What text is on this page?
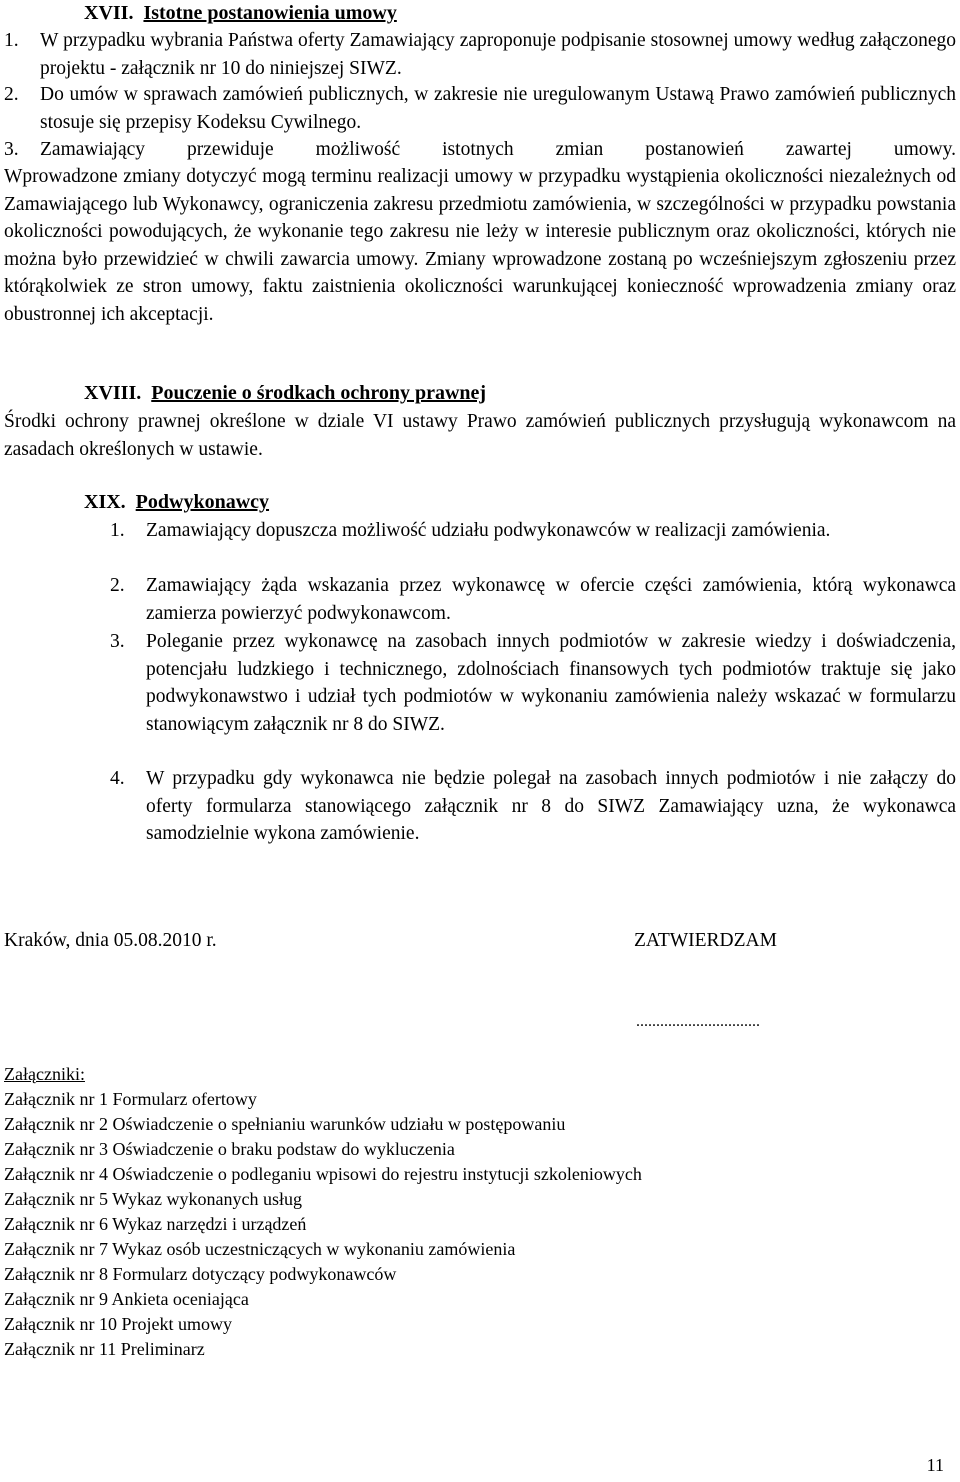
XVII. Istotne postanowienia umowy
1. W przypadku wybrania Państwa oferty Zamawiający zaproponuje podpisanie stosownej umowy według załączonego projektu - załącznik nr 10 do niniejszej SIWZ.
2. Do umów w sprawach zamówień publicznych, w zakresie nie uregulowanym Ustawą Prawo zamówień publicznych stosuje się przepisy Kodeksu Cywilnego.
3. Zamawiający przewiduje możliwość istotnych zmian postanowień zawartej umowy.
Wprowadzone zmiany dotyczyć mogą terminu realizacji umowy w przypadku wystąpienia okoliczności niezależnych od Zamawiającego lub Wykonawcy, ograniczenia zakresu przedmiotu zamówienia, w szczególności w przypadku powstania okoliczności powodujących, że wykonanie tego zakresu nie leży w interesie publicznym oraz okoliczności, których nie można było przewidzieć w chwili zawarcia umowy. Zmiany wprowadzone zostaną po wcześniejszym zgłoszeniu przez którąkolwiek ze stron umowy, faktu zaistnienia okoliczności warunkującej konieczność wprowadzenia zmiany oraz obustronnej ich akceptacji.
XVIII. Pouczenie o środkach ochrony prawnej
Środki ochrony prawnej określone w dziale VI ustawy Prawo zamówień publicznych przysługują wykonawcom na zasadach określonych w ustawie.
XIX. Podwykonawcy
1. Zamawiający dopuszcza możliwość udziału podwykonawców w realizacji zamówienia.
2. Zamawiający żąda wskazania przez wykonawcę w ofercie części zamówienia, którą wykonawca zamierza powierzyć podwykonawcom.
3. Poleganie przez wykonawcę na zasobach innych podmiotów w zakresie wiedzy i doświadczenia, potencjału ludzkiego i technicznego, zdolnościach finansowych tych podmiotów traktuje się jako podwykonawstwo i udział tych podmiotów w wykonaniu zamówienia należy wskazać w formularzu stanowiącym załącznik nr 8 do SIWZ.
4. W przypadku gdy wykonawca nie będzie polegał na zasobach innych podmiotów i nie załączy do oferty formularza stanowiącego załącznik nr 8 do SIWZ Zamawiający uzna, że wykonawca samodzielnie wykona zamówienie.
Kraków, dnia 05.08.2010 r.	ZATWIERDZAM
...............................
Załączniki:
Załącznik nr 1 Formularz ofertowy
Załącznik nr 2 Oświadczenie o spełnianiu warunków udziału w postępowaniu
Załącznik nr 3 Oświadczenie o braku podstaw do wykluczenia
Załącznik nr 4 Oświadczenie o podleganiu wpisowi do rejestru instytucji szkoleniowych
Załącznik nr 5 Wykaz wykonanych usług
Załącznik nr 6 Wykaz narzędzi i urządzeń
Załącznik nr 7 Wykaz osób uczestniczących w wykonaniu zamówienia
Załącznik nr 8 Formularz dotyczący podwykonawców
Załącznik nr 9 Ankieta oceniająca
Załącznik nr 10 Projekt umowy
Załącznik nr 11 Preliminarz
11
